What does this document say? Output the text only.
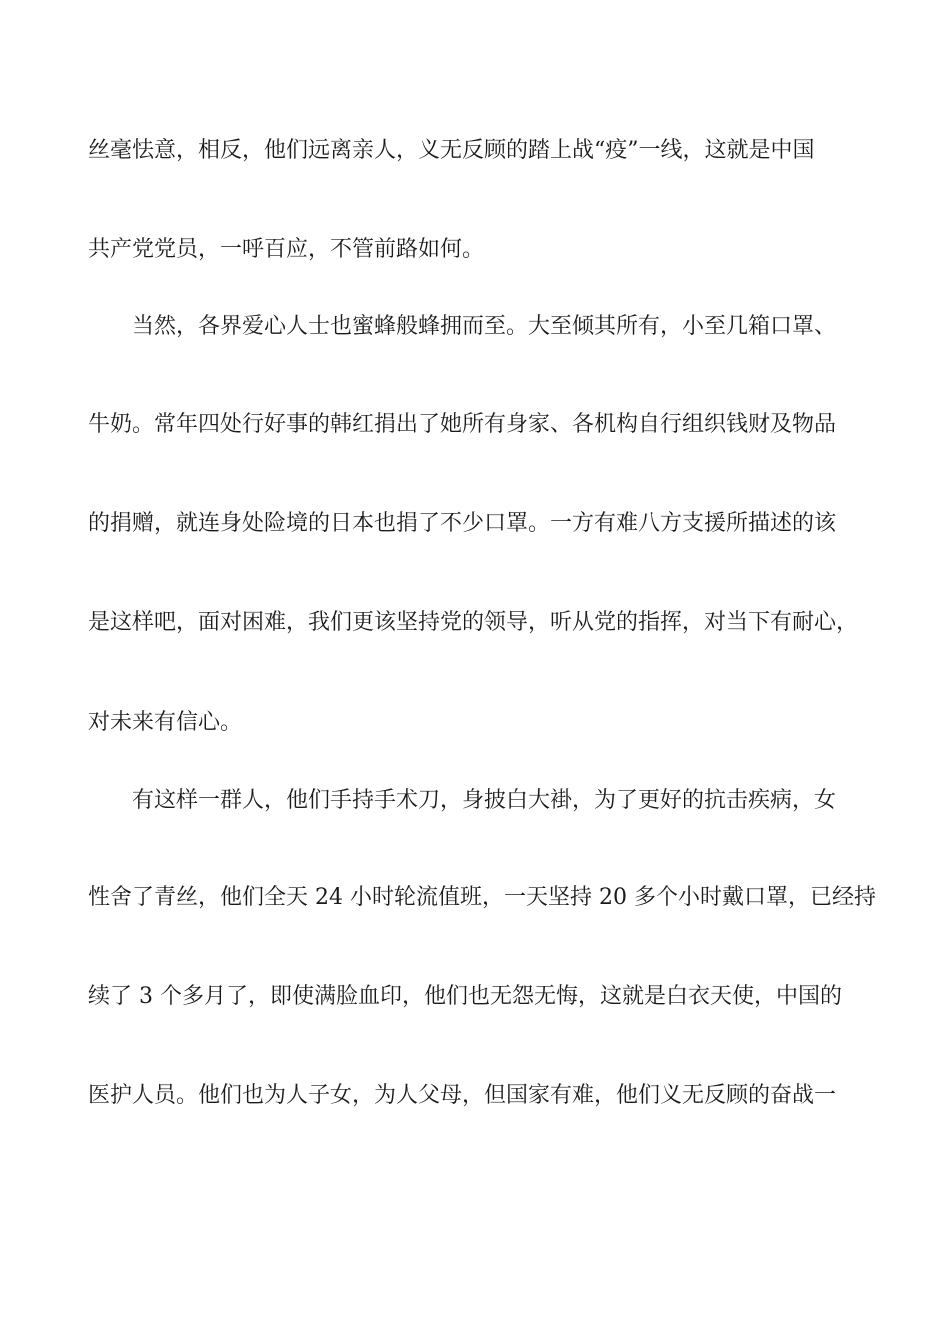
丝毫怯意，相反，他们远离亲人，义无反顾的踏上战“疫”一线，这就是中国
共产党党员，一呼百应，不管前路如何。
当然，各界爱心人士也蜜蜂般蜂拥而至。大至倾其所有，小至几箱口罩、
牛奶。常年四处行好事的韩红捐出了她所有身家、各机构自行组织钱财及物品
的捐赠，就连身处险境的日本也捐了不少口罩。一方有难八方支援所描述的该
是这样吧，面对困难，我们更该坚持党的领导，听从党的指挥，对当下有耐心，
对未来有信心。
有这样一群人，他们手持手术刀，身披白大褂，为了更好的抗击疾病，女
性舍了青丝，他们全天 24 小时轮流值班，一天坚持 20 多个小时戴口罩，已经持
续了 3 个多月了，即使满脸血印，他们也无怨无悔，这就是白衣天使，中国的
医护人员。他们也为人子女，为人父母，但国家有难，他们义无反顾的奋战一
